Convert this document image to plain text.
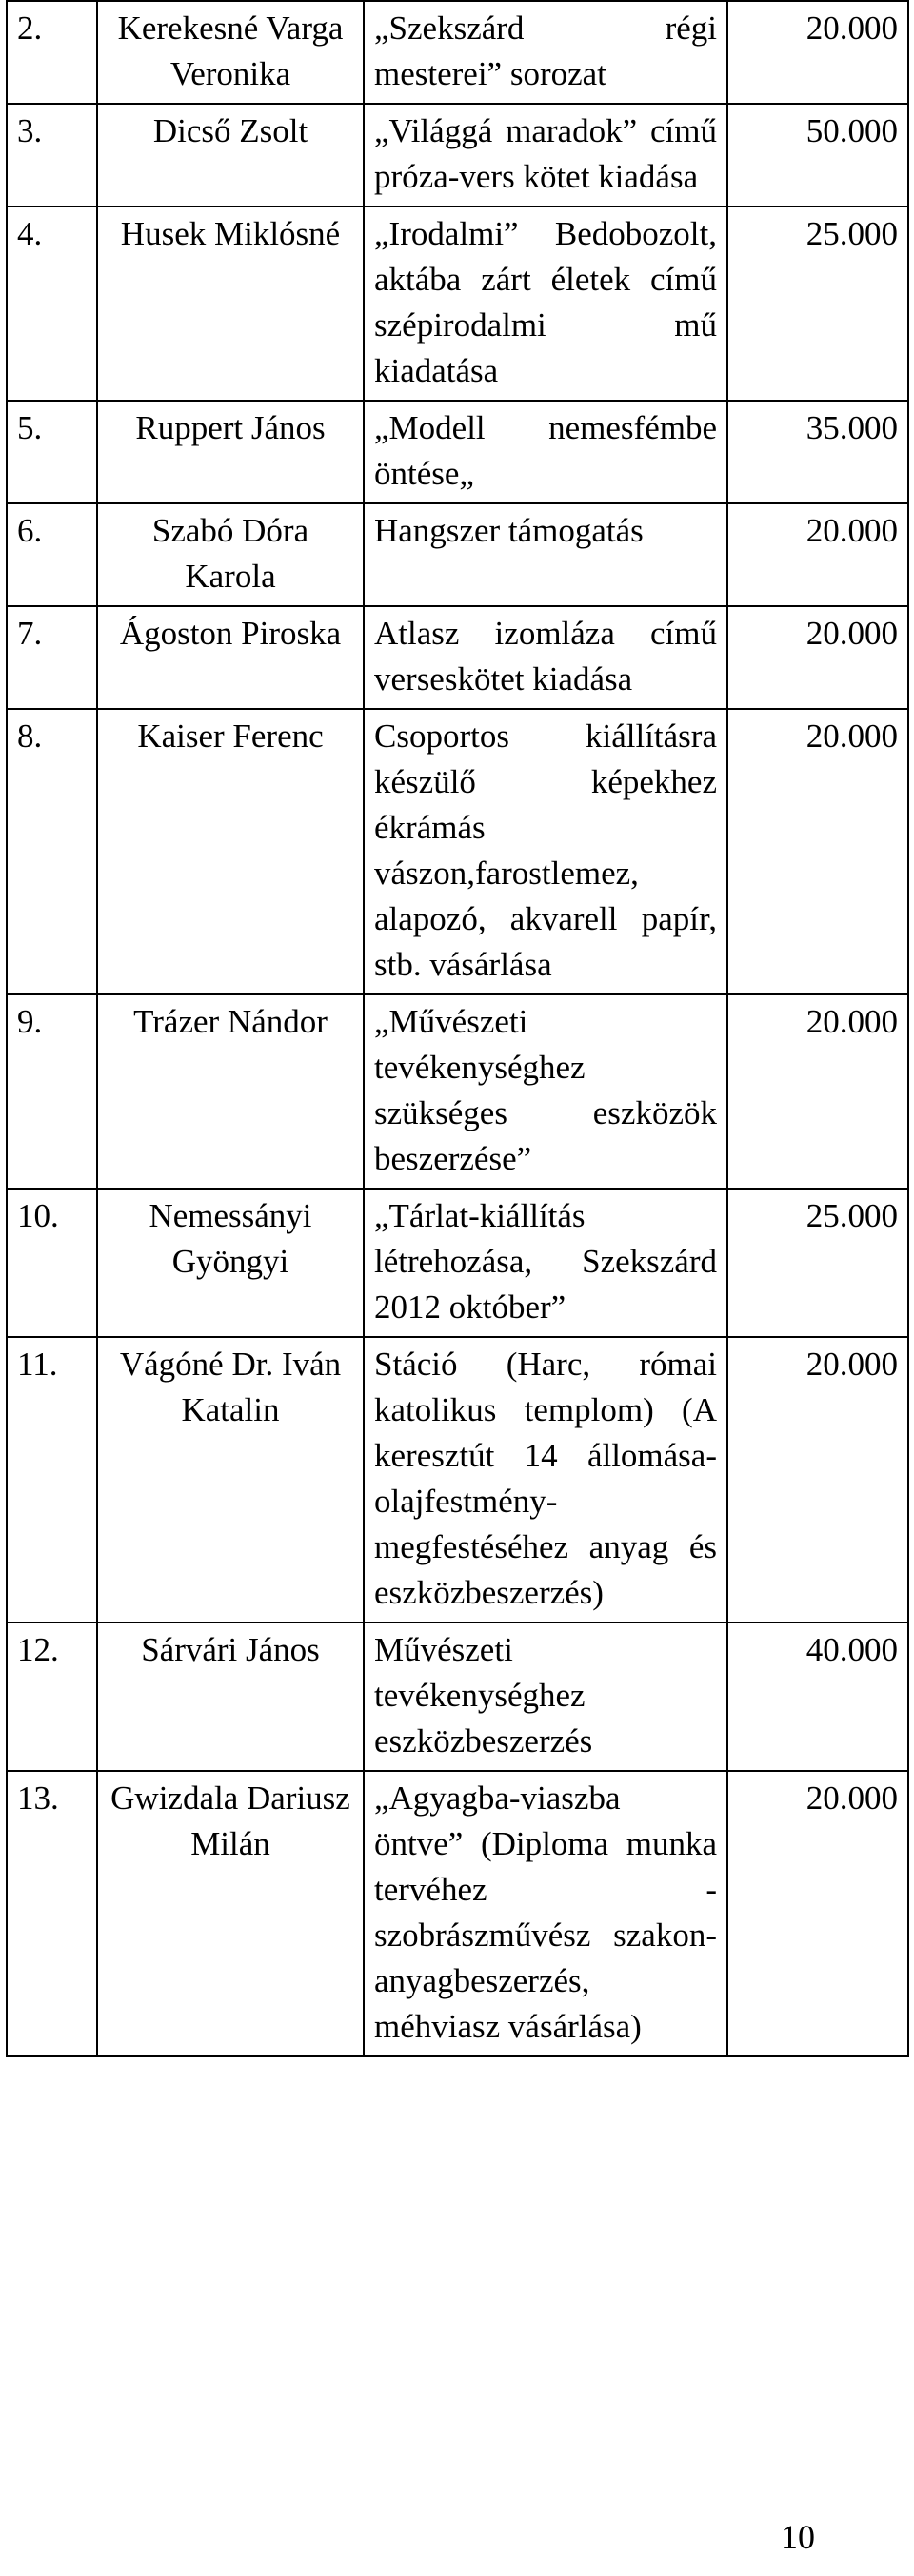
2.	Kerekesné Varga Veronika	„Szekszárd régi mesterei” sorozat	20.000
3.	Dicső Zsolt	„Világgá maradok” című próza-vers kötet kiadása	50.000
4.	Husek Miklósné	„Irodalmi” Bedobozolt, aktába zárt életek című szépirodalmi mű kiadatása	25.000
5.	Ruppert János	„Modell nemesfémbe öntése„	35.000
6.	Szabó Dóra Karola	Hangszer támogatás	20.000
7.	Ágoston Piroska	Atlasz izomláza című verseskötet kiadása	20.000
8.	Kaiser Ferenc	Csoportos kiállításra készülő képekhez ékrámás vászon,farostlemez, alapozó, akvarell papír, stb. vásárlása	20.000
9.	Trázer Nándor	„Művészeti tevékenységhez szükséges eszközök beszerzése”	20.000
10.	Nemessányi Gyöngyi	„Tárlat-kiállítás létrehozása, Szekszárd 2012 október”	25.000
11.	Vágóné Dr. Iván Katalin	Stáció (Harc, római katolikus templom) (A keresztút 14 állomása- olajfestmény- megfestéséhez anyag és eszközbeszerzés)	20.000
12.	Sárvári János	Művészeti tevékenységhez eszközbeszerzés	40.000
13.	Gwizdala Dariusz Milán	„Agyagba-viaszba öntve” (Diploma munka tervéhez - szobrászművész szakon- anyagbeszerzés, méhviasz vásárlása)	20.000
10
